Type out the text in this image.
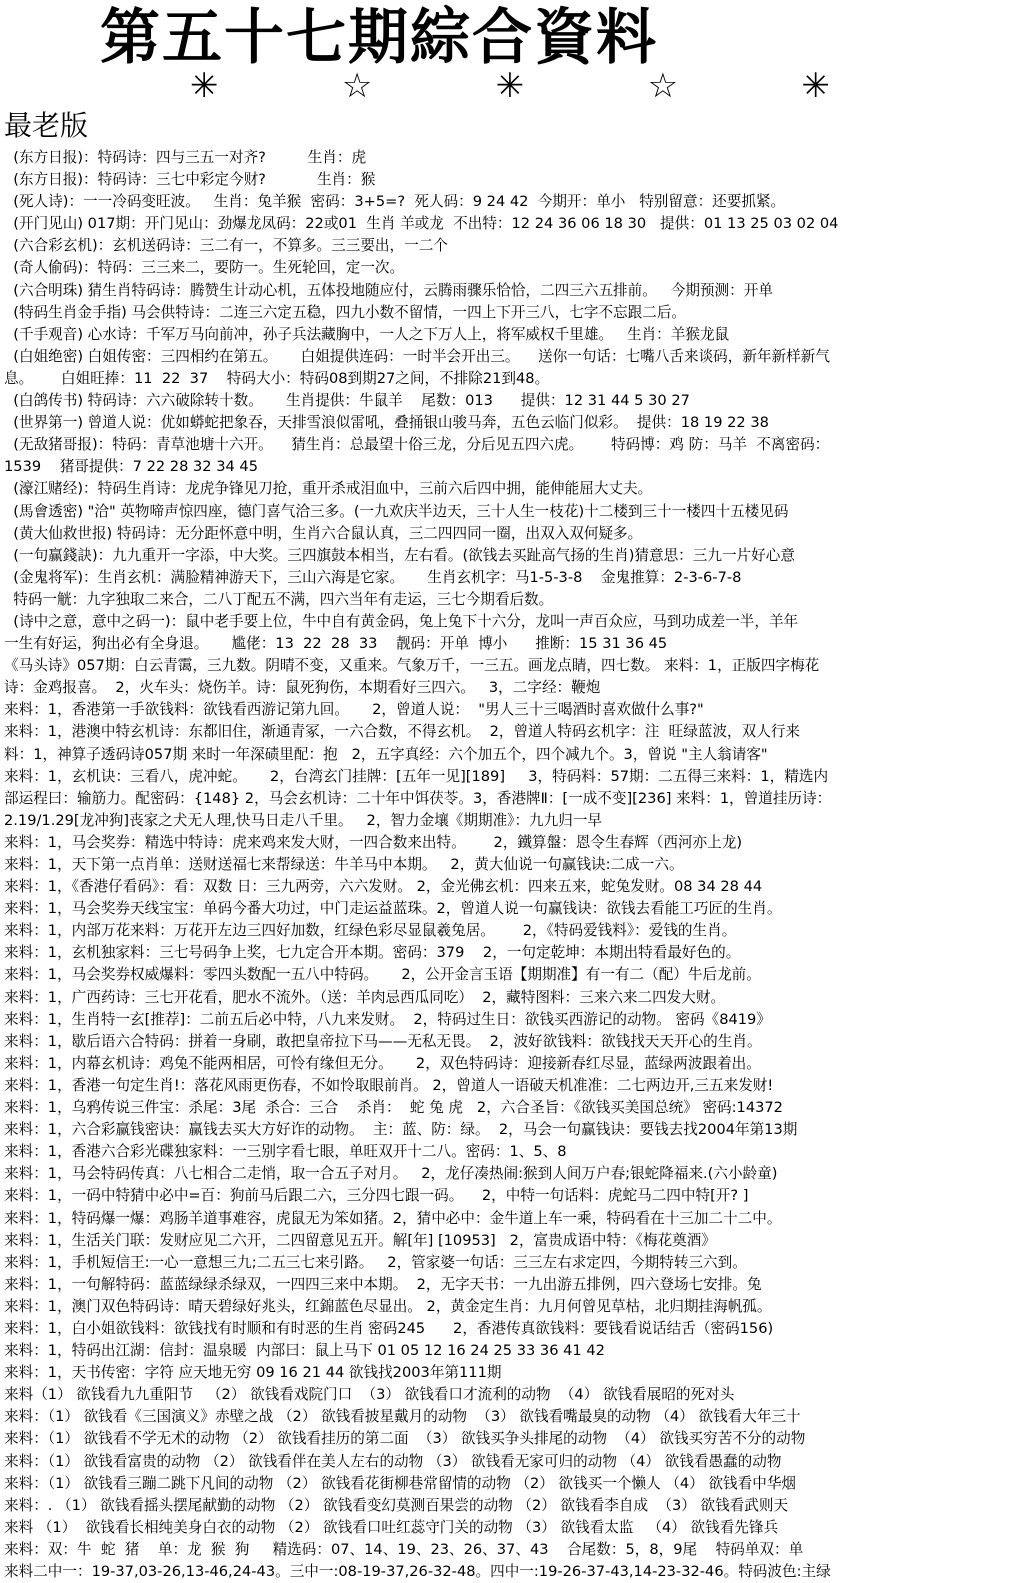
第五十七期綜合資料
✳	☆	✳	☆	✳
最老版
(东方日报)：特码诗：四与三五一对齐?         生肖：虎
(东方日报)：特码诗：三七中彩定今财?           生肖：猴
(死人诗)：一一冷码变旺波。   生肖：兔羊猴  密码：3+5=?  死人码：9 24 42  今期开：单小   特别留意：还要抓紧。
(开门见山) 017期：开门见山：劲爆龙凤码：22或01  生肖 羊或龙  不出特：12 24 36 06 18 30   提供：01 13 25 03 02 04
(六合彩玄机)：玄机送码诗：三二有一，不算多。三三要出，一二个
(奇人偷码)：特码：三三来二，要防一。生死轮回，定一次。
(六合明珠) 猜生肖特码诗：腾赞生计动心机，五体投地随应付，云腾雨骤乐恰恰，二四三六五排前。   今期预测：开单
(特码生肖金手指) 马会供特诗：二连三六定五稳，四九小数不留情，一四上下开三八，七字不忘跟二后。
(千手观音) 心水诗：千军万马向前冲，孙子兵法藏胸中，一人之下万人上，将军威权千里雄。   生肖：羊猴龙鼠
(白姐绝密) 白姐传密：三四相约在第五。     白姐提供连码：一时半会开出三。    送你一句话：七嘴八舌来谈码，新年新样新气
息。      白姐旺捧：11  22  37    特码大小：特码08到期27之间，不排除21到48。
(白鸽传书) 特码诗：六六破除转十数。     生肖提供：牛鼠羊    尾数：013      提供：12 31 44 5 30 27
(世界第一) 曾道人说：优如蟒蛇把象吞，天排雪浪似雷吼，叠捅银山骏马奔，五色云临门似彩。  提供：18 19 22 38
(无敌猪哥报)：特码：青草池塘十六开。    猜生肖：总最望十俗三龙，分后见五四六虎。      特码博：鸡 防：马羊  不离密码：
1539    猪哥提供：7 22 28 32 34 45
(濠江赌经)：特码生肖诗：龙虎争锋见刀抢，重开杀戒泪血中，三前六后四中拥，能伸能屈大丈夫。
(馬會透密) "洽" 英物啼声惊四座，德门喜气洽三多。(一九欢庆半边天，三十人生一枝花)十二楼到三十一楼四十五楼见码
(黄大仙救世报) 特码诗：无分距怀意中明，生肖六合鼠认真，三二四四同一圈，出双入双何疑多。
(一句赢錢訣)：九九重开一字添，中大奖。三四旗鼓本相当，左右看。(欲钱去买趾高气扬的生肖)猜意思：三九一片好心意
(金鬼将军)：生肖玄机：满脸精神游天下，三山六海是它家。     生肖玄机字：马1-5-3-8    金鬼推算：2-3-6-7-8
特码一觥：九字独取二来合，二八丁配五不满，四六当年有走运，三七今期看后数。
(诗中之意，意中之码一)：鼠中老手要上位，牛中自有黄金码，兔上兔下十六分，龙叫一声百众应，马到功成差一半，羊年
一生有好运，狗出必有全身退。     尴佬：13  22  28  33    靓码：开单  博小      推断：15 31 36 45
《马头诗》057期：白云青霭，三九数。阴晴不变，又重来。气象万千，一三五。画龙点睛，四七数。 来料：1，正版四字梅花
诗：金鸡报喜。  2，火车头：烧伤羊。诗：鼠死狗伤，本期看好三四六。   3，二字经：鞭炮
来料：1，香港第一手欲钱料：欲钱看西游记第九回。     2，曾道人说：  "男人三十三喝酒时喜欢做什么事?"
来料：1，港澳中特玄机诗：东都旧住，渐通青冢，一六合数，不得玄机。  2，曾道人特码玄机字：注  旺绿蓝波，双人行来
料：1，神算子透码诗057期 来时一年深碛里配：抱   2，五字真经：六个加五个，四个减九个。3，曾说 "主人翁请客"
来料：1，玄机诀：三看八，虎冲蛇。     2，台湾玄门挂牌：[五年一见][189]     3，特码料：57期：二五得三来料：1，精选内
部运程曰：输筋力。配密码：{148} 2，马会玄机诗：二十年中饵茯苓。3，香港牌Ⅱ：[一成不变][236] 来料：1，曾道挂历诗：
2.19/1.29[龙冲狗]丧家之犬无人理,快马日走八千里。   2，智力金壤《期期准》：九九归一早
来料：1，马会奖券：精选中特诗：虎来鸡来发大财，一四合数来出特。      2，鐵算盤：恩令生春辉（西河亦上龙)
来料：1，天下第一点肖单：送财送福七来帮绿送：牛羊马中本期。   2，黄大仙说一句赢钱诀:二成一六。
来料：1，《香港仔看码》：看：双数 日：三九两旁，六六发财。 2，金光佛玄机：四来五来，蛇兔发财。08 34 28 44
来料：1，马会奖券天线宝宝：单码今番大功过，中门走运益蓝珠。2，曾道人说一句赢钱诀：欲钱去看能工巧匠的生肖。
来料：1，内部万花来料：万花开左边三四好加数，红绿色彩尽显鼠羲兔居。      2，《特码爱钱料》：爱钱的生肖。
来料：1，玄机独家料：三七号码争上奖，七九定合开本期。密码：379    2，一句定乾坤：本期出特看最好色的。
来料：1，马会奖券权威爆料：零四头数配一五八中特码。     2，公开金言玉语【期期准】有一有二（配）牛后龙前。
来料：1，广西药诗：三七开花看，肥水不流外。（送：羊肉忌西瓜同吃）  2，藏特图料：三来六来二四发大财。
来料：1，生肖特一玄[推荐]：二前五后必中特，八九来发财。  2，特码过生日：欲钱买西游记的动物。 密码《8419》
来料：1，歇后语六合特码：拼着一身刷，敢把皇帝拉下马——无私无畏。  2，波好欲钱料：欲钱找天天开心的生肖。
来料：1，内幕玄机诗：鸡兔不能两相居，可怜有缘但无分。     2，双色特码诗：迎接新春红尽显，蓝绿两波跟着出。
来料：1，香港一句定生肖!：落花风雨更伤春，不如怜取眼前肖。 2，曾道人一语破天机准准：二七两边开,三五来发财!
来料：1，乌鸦传说三件宝：杀尾：3尾  杀合：三合    杀肖：  蛇 兔 虎   2，六合圣旨：《欲钱买美国总统》 密码:14372
来料：1，六合彩赢钱密诀：赢钱去买大方好诈的动物。  主：蓝、防：绿。  2，马会一句赢钱诀：要钱去找2004年第13期
来料：1，香港六合彩光碟独家料：一三别字看七眼，单旺双开十二八。密码：1、5、8
来料：1，马会特码传真：八七相合二走悄，取一合五子对月。   2，龙仔凑热闹:猴到人间万户春;银蛇降福来.(六小龄童)
来料：1，一码中特猜中必中=百：狗前马后跟二六，三分四七跟一码。    2，中特一句话料：虎蛇马二四中特[开? ]
来料：1，特码爆一爆：鸡肠羊道事难容，虎鼠无为笨如猪。2，猜中必中：金牛道上车一乘，特码看在十三加二十二中。
来料：1，生活关门联：发财应见二六开，二四留意见五开。解[年] [10953]   2，富贵成语中特：《梅花奠酒》
来料：1，手机短信王:一心一意想三九;二五三七来引路。   2，管家婆一句话：三三左右求定四，今期特转三六到。
来料：1，一句解特码：蓝蓝绿绿杀绿双，一四四三来中本期。  2，无字天书：一九出游五排例，四六登场七安排。兔
来料：1，澳门双色特码诗：晴天碧绿好兆头，红錦蓝色尽显出。 2，黄金定生肖：九月何曾见草枯，北归期挂海帆孤。
来料：1，白小姐欲钱料：欲钱找有时顺和有时恶的生肖 密码245      2，香港传真欲钱料：要钱看说话结舌（密码156)
来料：1，特码出江湖：信封：温泉暖  内部曰：鼠上马下 01 05 12 16 24 25 33 36 41 42
来料：1，天书传密：字符 应天地无穷 09 16 21 44 欲钱找2003年第111期
来料（1） 欲钱看九九重阳节   （2） 欲钱看戏院门口  （3） 欲钱看口才流利的动物  （4） 欲钱看展昭的死对头
来料：（1） 欲钱看《三国演义》赤壁之战 （2） 欲钱看披星戴月的动物  （3） 欲钱看嘴最臭的动物 （4） 欲钱看大年三十
来料：（1） 欲钱看不学无术的动物 （2） 欲钱看挂历的第二面  （3） 欲钱买争头排尾的动物  （4） 欲钱买穷苦不分的动物
来料：（1） 欲钱看富贵的动物 （2） 欲钱看伴在美人左右的动物 （3） 欲钱看无家可归的动物 （4） 欲钱看愚蠢的动物
来料：（1） 欲钱看三蹦二跳下凡间的动物 （2） 欲钱看花街柳巷常留情的动物 （2） 欲钱买一个懒人 （4） 欲钱看中华烟
来料：. （1） 欲钱看摇头摆尾献勤的动物 （2） 欲钱看变幻莫测百果尝的动物 （2） 欲钱看李自成  （3） 欲钱看武则天
来料 （1）  欲钱看长相纯美身白衣的动物 （2） 欲钱看口吐红蕊守门关的动物 （3） 欲钱看太监   （4） 欲钱看先锋兵
来料：双：牛  蛇  猪    单：龙  猴  狗     精选码：07、14、19、23、26、37、43    合尾数：5，8，9尾    特码单双：单
来料二中一：19-37,03-26,13-46,24-43。三中一:08-19-37,26-32-48。四中一:19-26-37-43,14-23-32-46。特码波色:主绿
